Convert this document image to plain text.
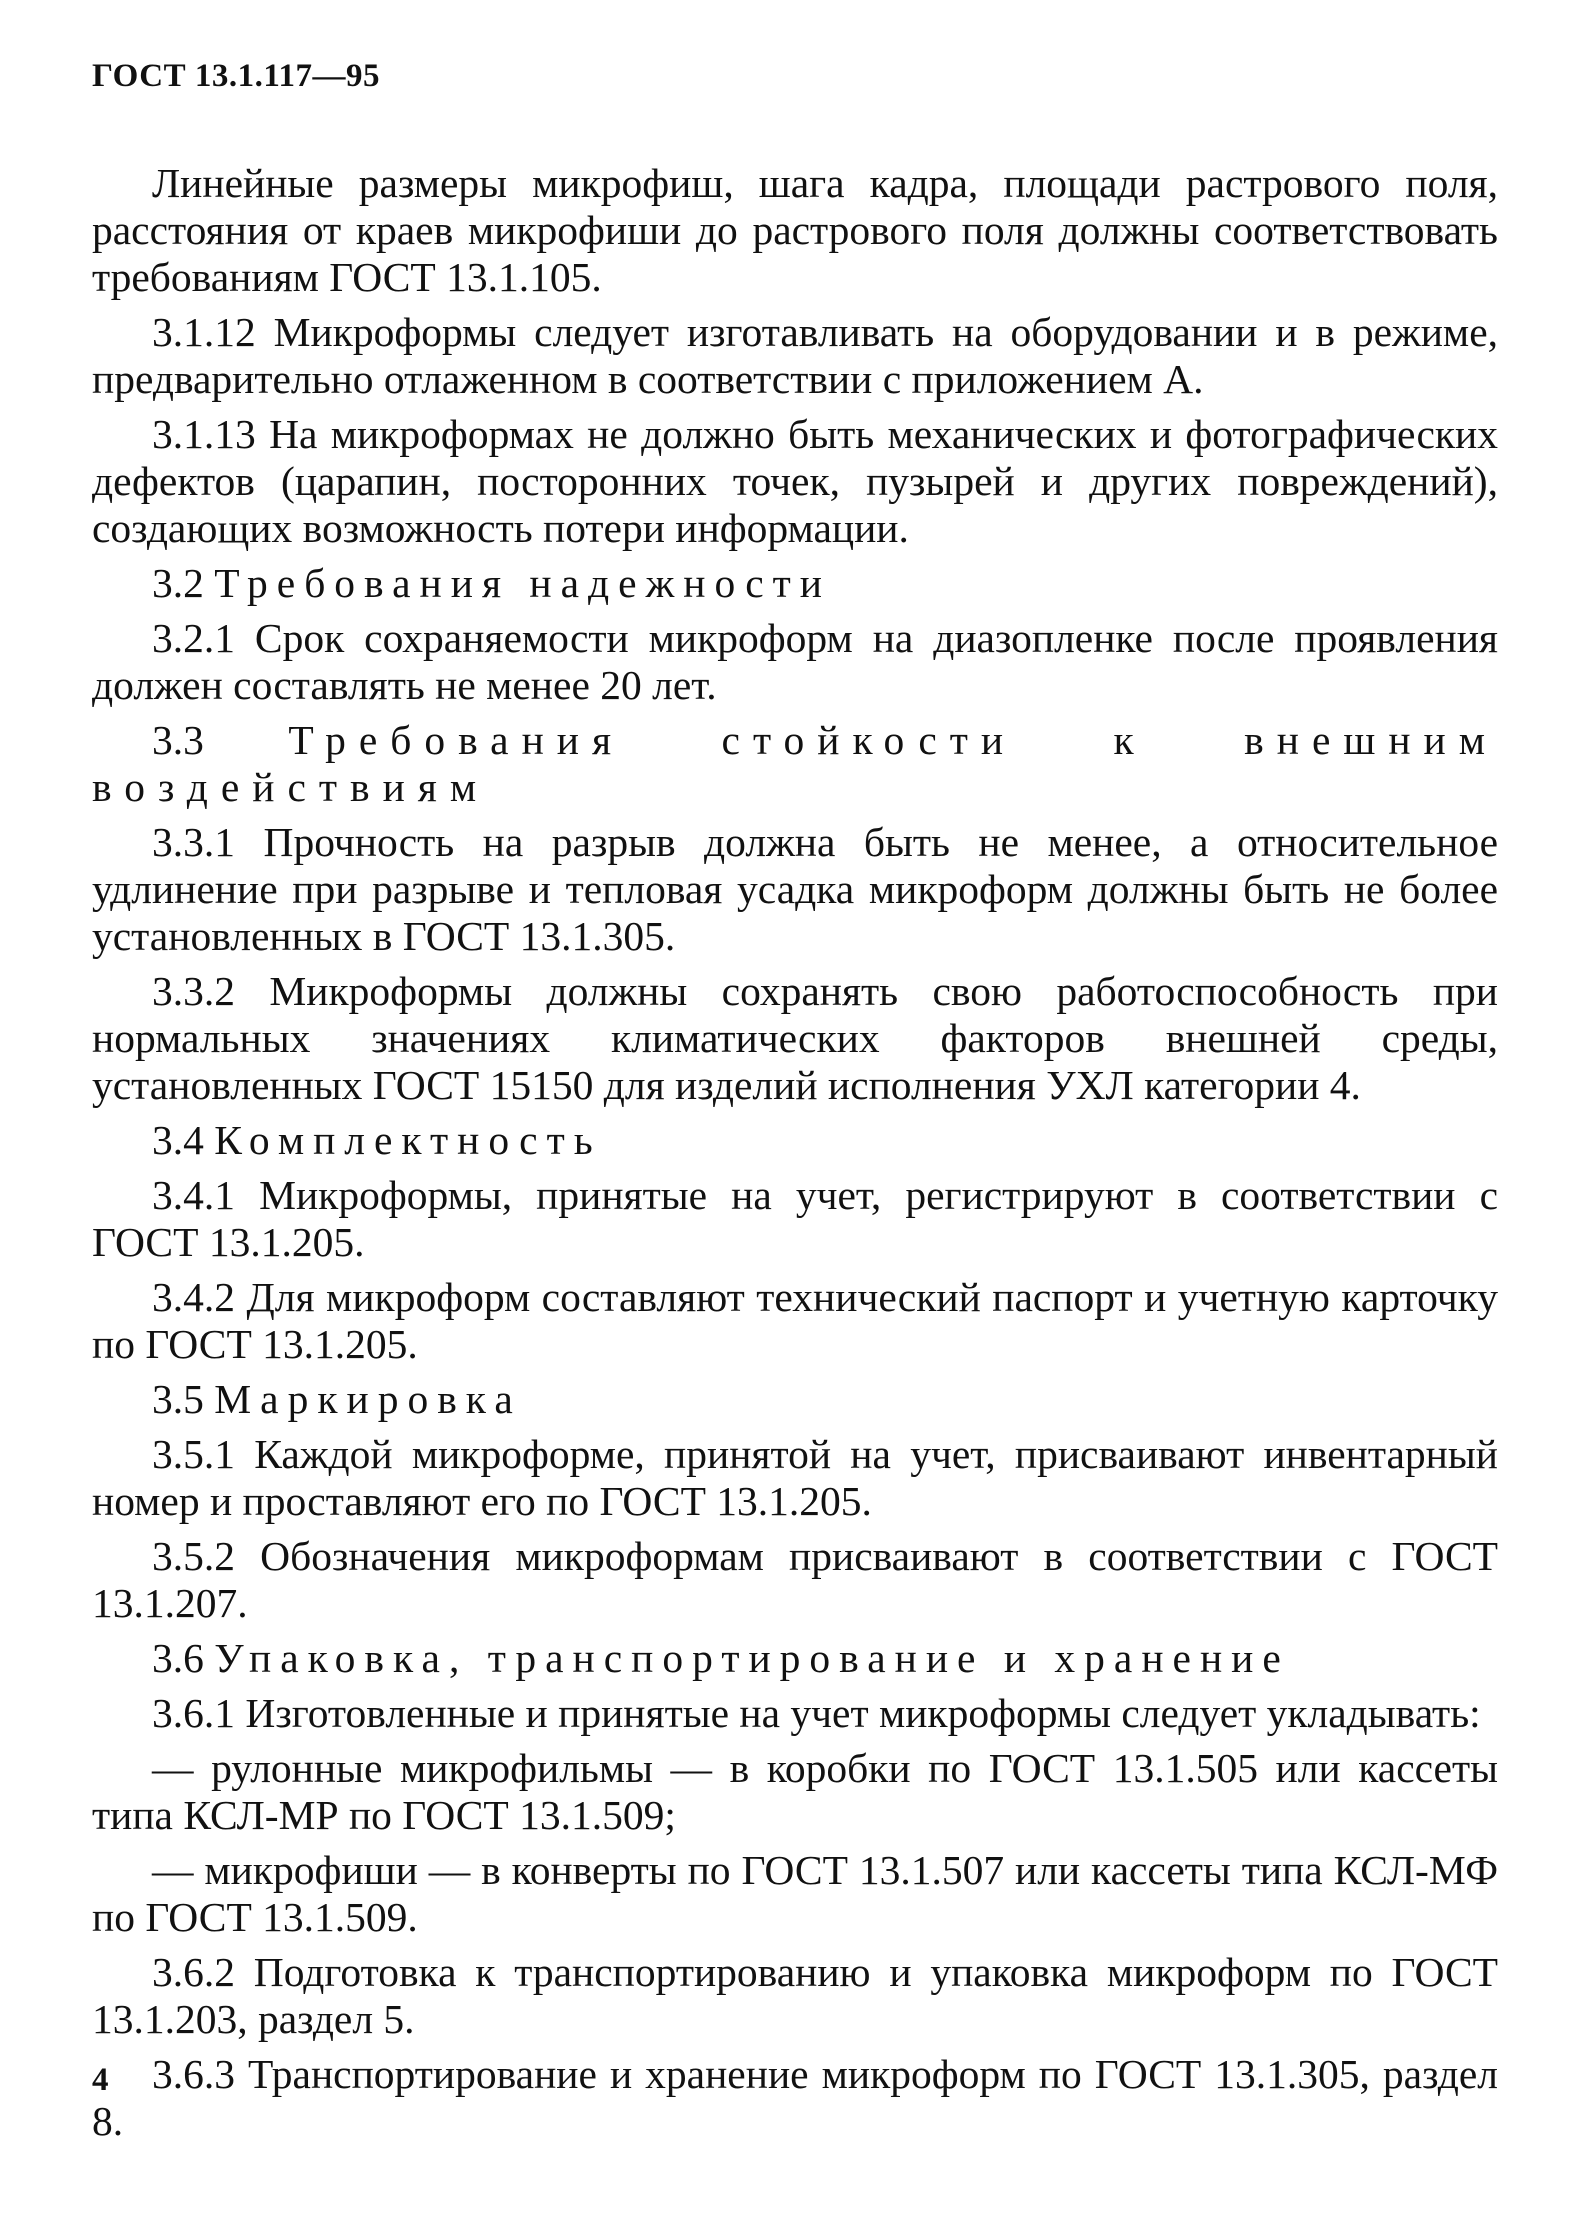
ГОСТ 13.1.117—95

Линейные размеры микрофиш, шага кадра, площади растрового поля, расстояния от краев микрофиши до растрового поля должны соответствовать требованиям ГОСТ 13.1.105.

3.1.12 Микроформы следует изготавливать на оборудовании и в режиме, предварительно отлаженном в соответствии с приложением А.

3.1.13 На микроформах не должно быть механических и фотографических дефектов (царапин, посторонних точек, пузырей и других повреждений), создающих возможность потери информации.

3.2 Требования надежности

3.2.1 Срок сохраняемости микроформ на диазопленке после проявления должен составлять не менее 20 лет.

3.3 Требования стойкости к внешним воздействиям

3.3.1 Прочность на разрыв должна быть не менее, а относительное удлинение при разрыве и тепловая усадка микроформ должны быть не более установленных в ГОСТ 13.1.305.

3.3.2 Микроформы должны сохранять свою работоспособность при нормальных значениях климатических факторов внешней среды, установленных ГОСТ 15150 для изделий исполнения УХЛ категории 4.

3.4 Комплектность

3.4.1 Микроформы, принятые на учет, регистрируют в соответствии с ГОСТ 13.1.205.

3.4.2 Для микроформ составляют технический паспорт и учетную карточку по ГОСТ 13.1.205.

3.5 Маркировка

3.5.1 Каждой микроформе, принятой на учет, присваивают инвентарный номер и проставляют его по ГОСТ 13.1.205.

3.5.2 Обозначения микроформам присваивают в соответствии с ГОСТ 13.1.207.

3.6 Упаковка, транспортирование и хранение

3.6.1 Изготовленные и принятые на учет микроформы следует укладывать:

— рулонные микрофильмы — в коробки по ГОСТ 13.1.505 или кассеты типа КСЛ-МР по ГОСТ 13.1.509;

— микрофиши — в конверты по ГОСТ 13.1.507 или кассеты типа КСЛ-МФ по ГОСТ 13.1.509.

3.6.2 Подготовка к транспортированию и упаковка микроформ по ГОСТ 13.1.203, раздел 5.

3.6.3 Транспортирование и хранение микроформ по ГОСТ 13.1.305, раздел 8.

4
